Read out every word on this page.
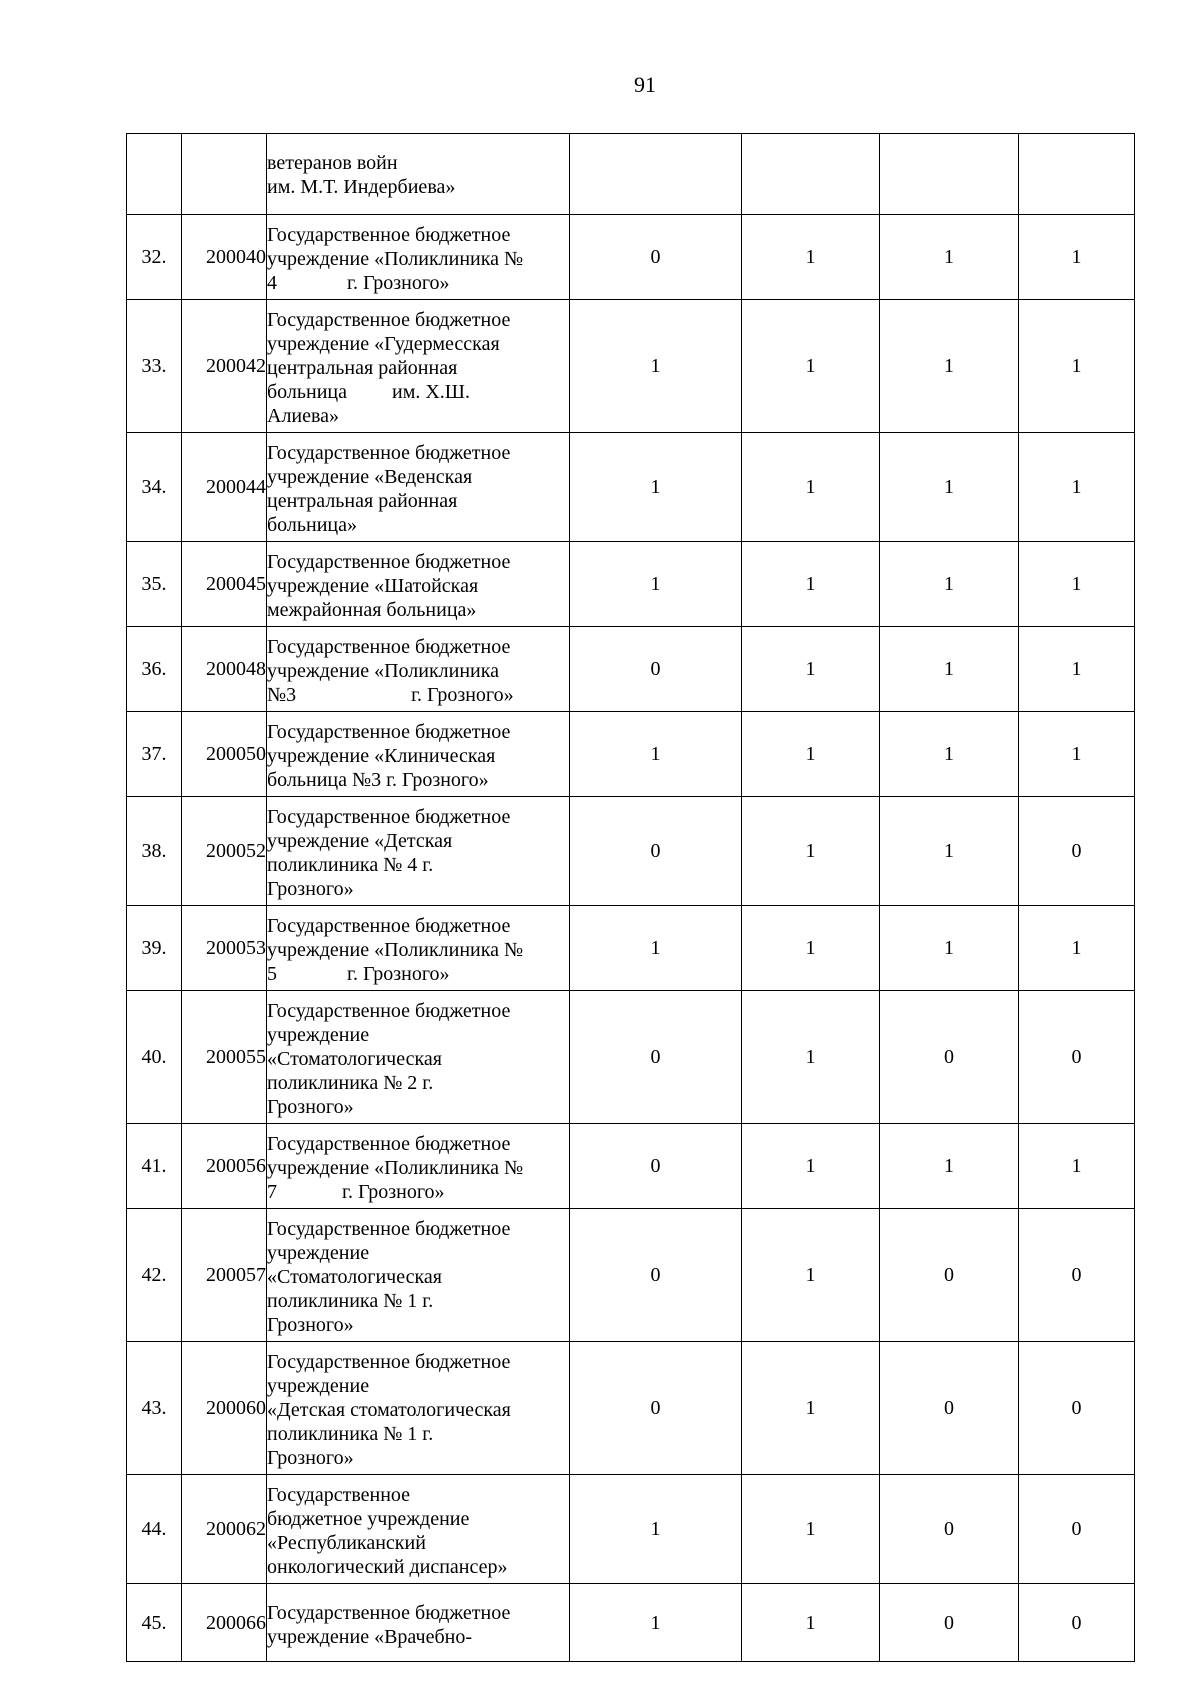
91

		ветеранов войн
им. М.Т. Индербиева»				

32.	200040	Государственное бюджетное
учреждение «Поликлиника №
4              г. Грозного»	0	1	1	1
33.	200042	Государственное бюджетное
учреждение «Гудермесская
центральная районная
больница         им. Х.Ш.
Алиева»	1	1	1	1
34.	200044	Государственное бюджетное
учреждение «Веденская
центральная районная
больница»	1	1	1	1
35.	200045	Государственное бюджетное
учреждение «Шатойская
межрайонная больница»	1	1	1	1
36.	200048	Государственное бюджетное
учреждение «Поликлиника
№3                       г. Грозного»	0	1	1	1
37.	200050	Государственное бюджетное
учреждение «Клиническая
больница №3 г. Грозного»	1	1	1	1
38.	200052	Государственное бюджетное
учреждение «Детская
поликлиника № 4 г.
Грозного»	0	1	1	0
39.	200053	Государственное бюджетное
учреждение «Поликлиника №
5              г. Грозного»	1	1	1	1
40.	200055	Государственное бюджетное
учреждение
«Стоматологическая
поликлиника № 2 г.
Грозного»	0	1	0	0
41.	200056	Государственное бюджетное
учреждение «Поликлиника №
7             г. Грозного»	0	1	1	1
42.	200057	Государственное бюджетное
учреждение
«Стоматологическая
поликлиника № 1 г.
Грозного»	0	1	0	0
43.	200060	Государственное бюджетное
учреждение
«Детская стоматологическая
поликлиника № 1 г.
Грозного»	0	1	0	0
44.	200062	Государственное
бюджетное учреждение
«Республиканский
онкологический диспансер»	1	1	0	0
45.	200066	Государственное бюджетное
учреждение «Врачебно-	1	1	0	0
